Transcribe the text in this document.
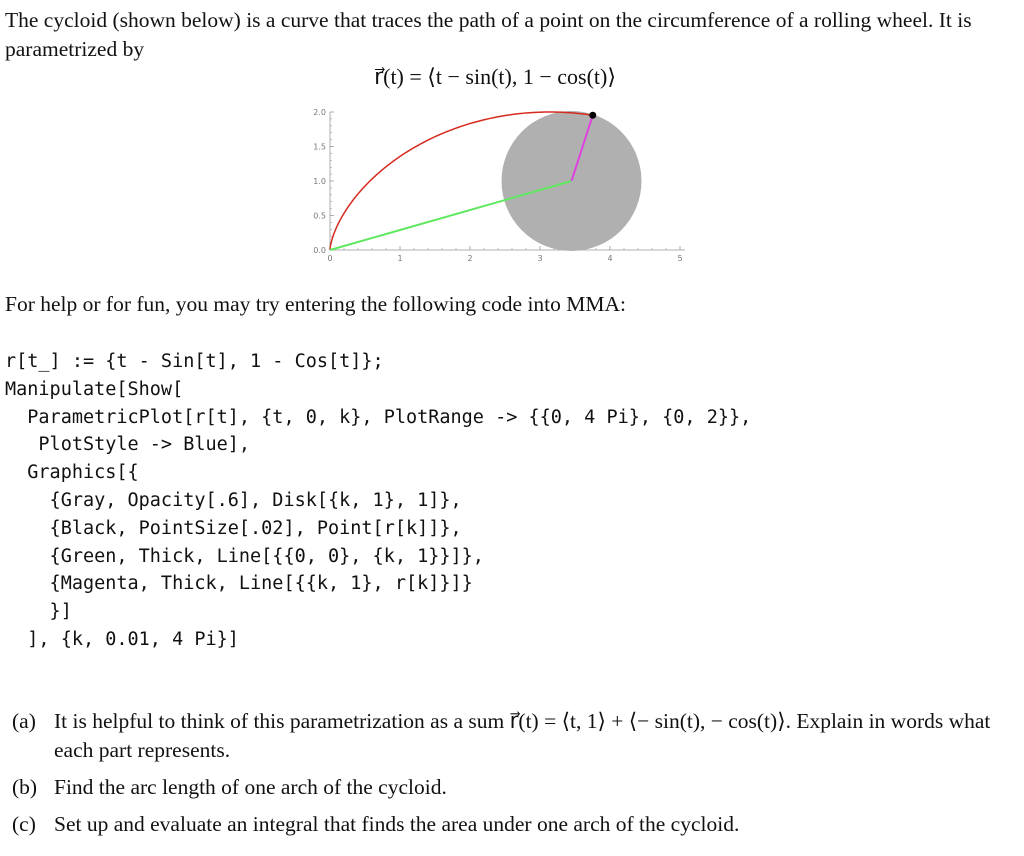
The cycloid (shown below) is a curve that traces the path of a point on the circumference of a rolling wheel. It is parametrized by

r⃗(t) = ⟨t − sin(t), 1 − cos(t)⟩
0	1	2	3	4	5
0.0
0.5
1.0
1.5
2.0

For help or for fun, you may try entering the following code into MMA:

r[t_] := {t - Sin[t], 1 - Cos[t]};
Manipulate[Show[
ParametricPlot[r[t], {t, 0, k}, PlotRange -> {{0, 4 Pi}, {0, 2}},
PlotStyle -> Blue],
Graphics[{
{Gray, Opacity[.6], Disk[{k, 1}, 1]},
{Black, PointSize[.02], Point[r[k]]},
{Green, Thick, Line[{{0, 0}, {k, 1}}]},
{Magenta, Thick, Line[{{k, 1}, r[k]}]}
}]
], {k, 0.01, 4 Pi}]
(a) It is helpful to think of this parametrization as a sum r⃗(t) = ⟨t, 1⟩ + ⟨− sin(t), − cos(t)⟩. Explain in words what each part represents.
(b) Find the arc length of one arch of the cycloid.
(c) Set up and evaluate an integral that finds the area under one arch of the cycloid.
